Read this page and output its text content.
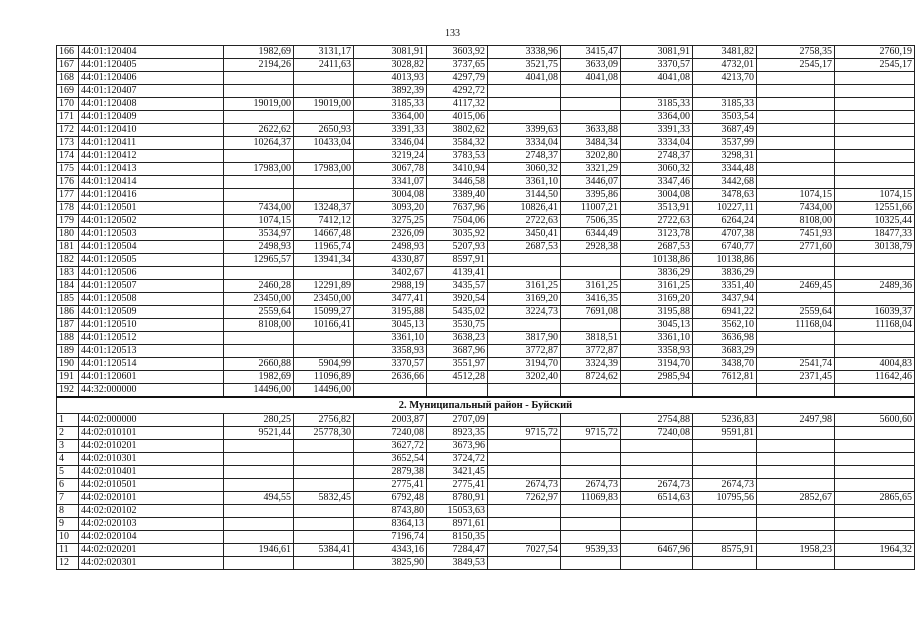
133
166	44:01:120404	1982,69	3131,17	3081,91	3603,92	3338,96	3415,47	3081,91	3481,82	2758,35	2760,19
167	44:01:120405	2194,26	2411,63	3028,82	3737,65	3521,75	3633,09	3370,57	4732,01	2545,17	2545,17
168	44:01:120406			4013,93	4297,79	4041,08	4041,08	4041,08	4213,70		
169	44:01:120407			3892,39	4292,72						
170	44:01:120408	19019,00	19019,00	3185,33	4117,32			3185,33	3185,33		
171	44:01:120409			3364,00	4015,06			3364,00	3503,54		
172	44:01:120410	2622,62	2650,93	3391,33	3802,62	3399,63	3633,88	3391,33	3687,49		
173	44:01:120411	10264,37	10433,04	3346,04	3584,32	3334,04	3484,34	3334,04	3537,99		
174	44:01:120412			3219,24	3783,53	2748,37	3202,80	2748,37	3298,31		
175	44:01:120413	17983,00	17983,00	3067,78	3410,94	3060,32	3321,29	3060,32	3344,48		
176	44:01:120414			3341,07	3446,58	3361,10	3446,07	3347,46	3442,68		
177	44:01:120416			3004,08	3389,40	3144,50	3395,86	3004,08	3478,63	1074,15	1074,15
178	44:01:120501	7434,00	13248,37	3093,20	7637,96	10826,41	11007,21	3513,91	10227,11	7434,00	12551,66
179	44:01:120502	1074,15	7412,12	3275,25	7504,06	2722,63	7506,35	2722,63	6264,24	8108,00	10325,44
180	44:01:120503	3534,97	14667,48	2326,09	3035,92	3450,41	6344,49	3123,78	4707,38	7451,93	18477,33
181	44:01:120504	2498,93	11965,74	2498,93	5207,93	2687,53	2928,38	2687,53	6740,77	2771,60	30138,79
182	44:01:120505	12965,57	13941,34	4330,87	8597,91			10138,86	10138,86		
183	44:01:120506			3402,67	4139,41			3836,29	3836,29		
184	44:01:120507	2460,28	12291,89	2988,19	3435,57	3161,25	3161,25	3161,25	3351,40	2469,45	2489,36
185	44:01:120508	23450,00	23450,00	3477,41	3920,54	3169,20	3416,35	3169,20	3437,94		
186	44:01:120509	2559,64	15099,27	3195,88	5435,02	3224,73	7691,08	3195,88	6941,22	2559,64	16039,37
187	44:01:120510	8108,00	10166,41	3045,13	3530,75			3045,13	3562,10	11168,04	11168,04
188	44:01:120512			3361,10	3638,23	3817,90	3818,51	3361,10	3636,98		
189	44:01:120513			3358,93	3687,96	3772,87	3772,87	3358,93	3683,29		
190	44:01:120514	2660,88	5904,99	3370,57	3551,97	3194,70	3324,39	3194,70	3438,70	2541,74	4004,83
191	44:01:120601	1982,69	11096,89	2636,66	4512,28	3202,40	8724,62	2985,94	7612,81	2371,45	11642,46
192	44:32:000000	14496,00	14496,00								
2. Муниципальный район - Буйский											
1	44:02:000000	280,25	2756,82	2003,87	2707,09			2754,88	5236,83	2497,98	5600,60
2	44:02:010101	9521,44	25778,30	7240,08	8923,35	9715,72	9715,72	7240,08	9591,81		
3	44:02:010201			3627,72	3673,96						
4	44:02:010301			3652,54	3724,72						
5	44:02:010401			2879,38	3421,45						
6	44:02:010501			2775,41	2775,41	2674,73	2674,73	2674,73	2674,73		
7	44:02:020101	494,55	5832,45	6792,48	8780,91	7262,97	11069,83	6514,63	10795,56	2852,67	2865,65
8	44:02:020102			8743,80	15053,63						
9	44:02:020103			8364,13	8971,61						
10	44:02:020104			7196,74	8150,35						
11	44:02:020201	1946,61	5384,41	4343,16	7284,47	7027,54	9539,33	6467,96	8575,91	1958,23	1964,32
12	44:02:020301			3825,90	3849,53						
